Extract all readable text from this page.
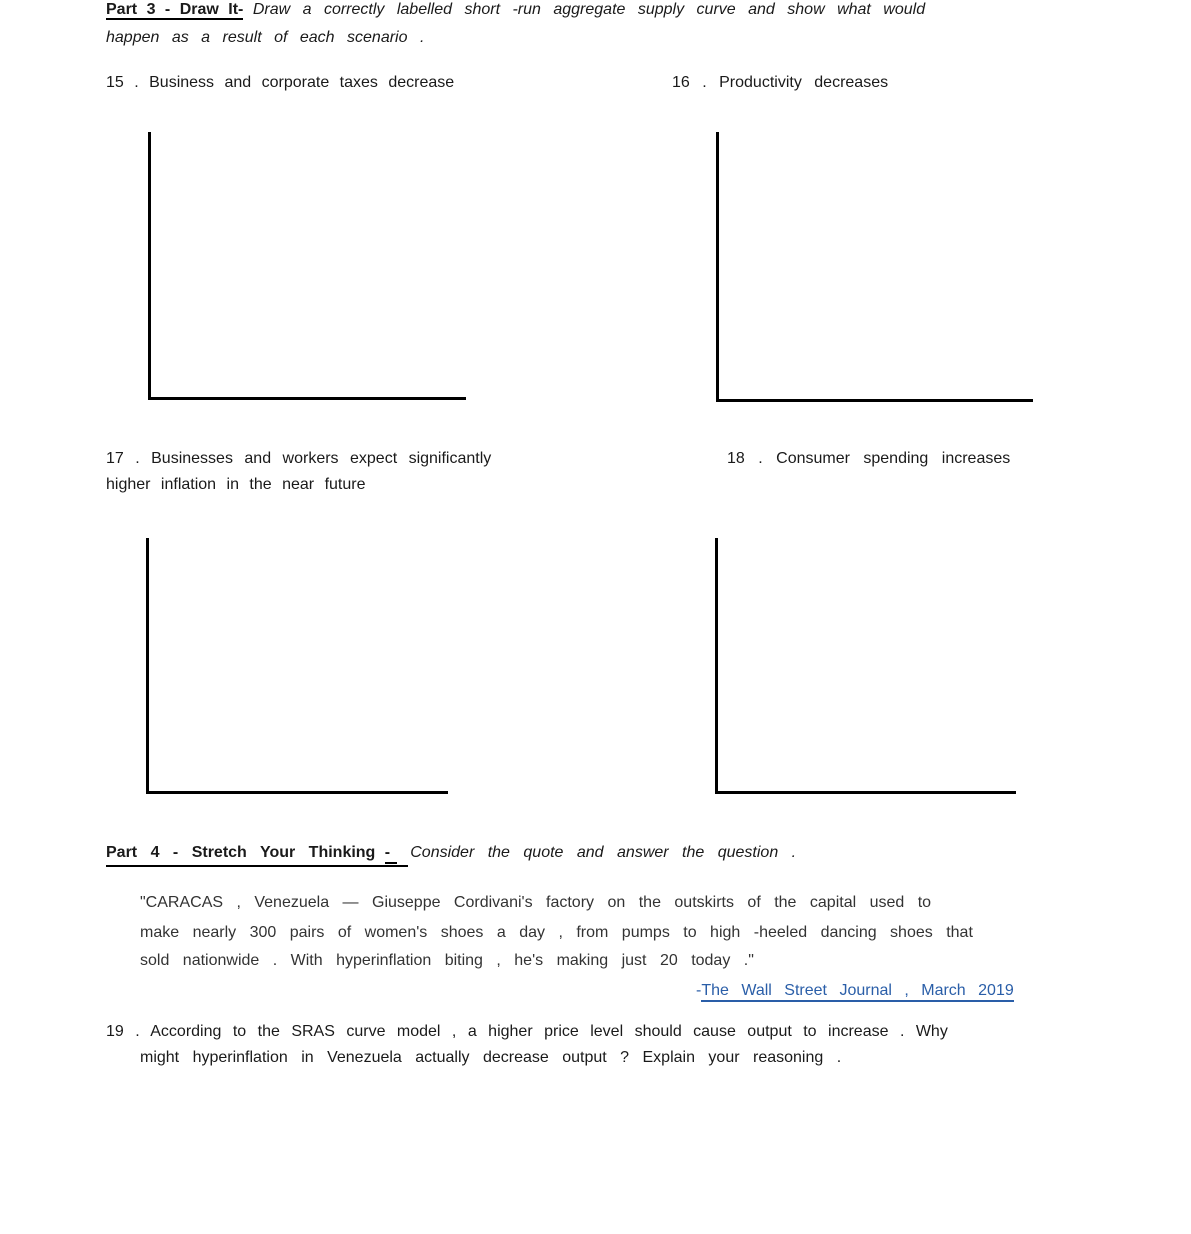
Part 3 - Draw It- Draw a correctly labelled short -run aggregate supply curve and show what would
happen as a result of each scenario .
15 . Business and corporate taxes decrease	16 . Productivity decreases
17 . Businesses and workers expect significantly
higher inflation in the near future
18 . Consumer spending increases
Part 4 - Stretch Your Thinking - Consider the quote and answer the question .
"CARACAS , Venezuela — Giuseppe Cordivani's factory on the outskirts of the capital used to
make nearly 300 pairs of women's shoes a day , from pumps to high -heeled dancing shoes that
sold nationwide . With hyperinflation biting , he's making just 20 today ."
-The Wall Street Journal , March 2019
19 . According to the SRAS curve model , a higher price level should cause output to increase . Why
might hyperinflation in Venezuela actually decrease output ? Explain your reasoning .
